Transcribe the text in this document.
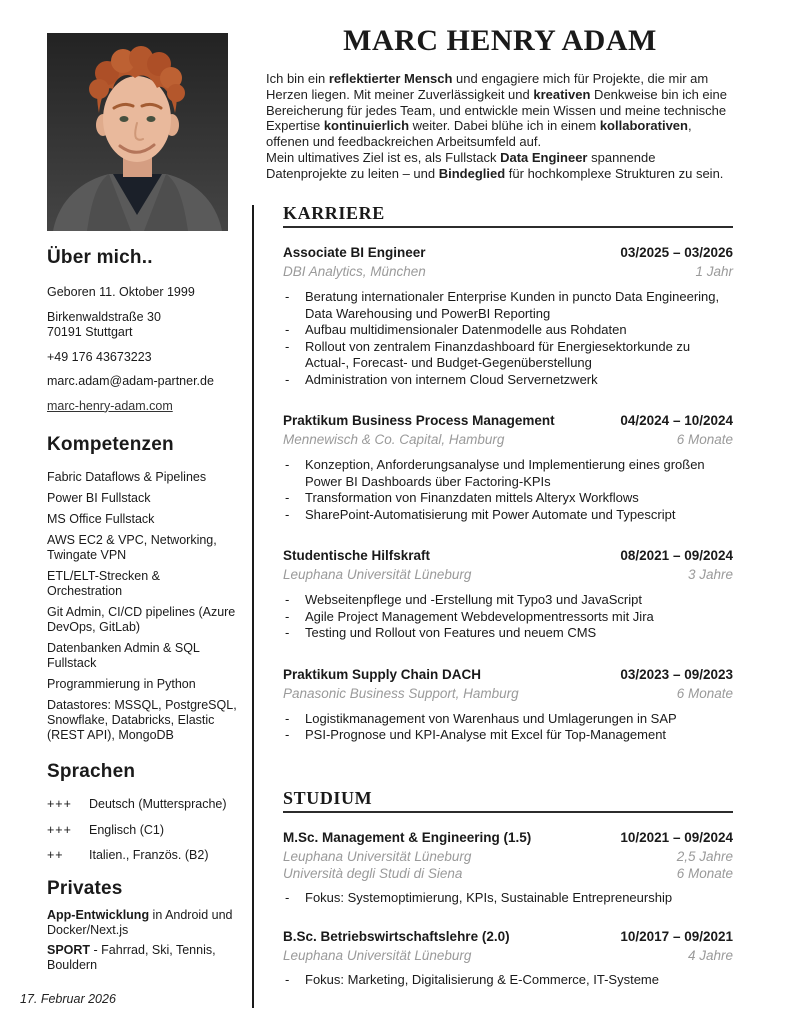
Über mich..
Geboren 11. Oktober 1999
Birkenwaldstraße 30
70191 Stuttgart
+49 176 43673223
marc.adam@adam-partner.de
marc-henry-adam.com
Kompetenzen
Fabric Dataflows & Pipelines
Power BI Fullstack
MS Office Fullstack
AWS EC2 & VPC, Networking, Twingate VPN
ETL/ELT-Strecken & Orchestration
Git Admin, CI/CD pipelines (Azure DevOps, GitLab)
Datenbanken Admin & SQL Fullstack
Programmierung in Python
Datastores: MSSQL, PostgreSQL, Snowflake, Databricks, Elastic (REST API), MongoDB
Sprachen
+++	Deutsch (Muttersprache)
+++	Englisch (C1)
++	Italien., Französ. (B2)
Privates
App-Entwicklung in Android und Docker/Next.js
SPORT - Fahrrad, Ski, Tennis, Bouldern
17. Februar 2026
MARC HENRY ADAM

Ich bin ein reflektierter Mensch und engagiere mich für Projekte, die mir am Herzen liegen. Mit meiner Zuverlässigkeit und kreativen Denkweise bin ich eine Bereicherung für jedes Team, und entwickle mein Wissen und meine technische Expertise kontinuierlich weiter. Dabei blühe ich in einem kollaborativen, offenen und feedbackreichen Arbeitsumfeld auf.
Mein ultimatives Ziel ist es, als Fullstack Data Engineer spannende Datenprojekte zu leiten – und Bindeglied für hochkomplexe Strukturen zu sein.

KARRIERE
Associate BI Engineer	03/2025 – 03/2026
DBI Analytics, München	1 Jahr
-	Beratung internationaler Enterprise Kunden in puncto Data Engineering, Data Warehousing und PowerBI Reporting
-	Aufbau multidimensionaler Datenmodelle aus Rohdaten
-	Rollout von zentralem Finanzdashboard für Energiesektorkunde zu Actual-, Forecast- und Budget-Gegenüberstellung
-	Administration von internem Cloud Servernetzwerk
Praktikum Business Process Management	04/2024 – 10/2024
Mennewisch & Co. Capital, Hamburg	6 Monate
-	Konzeption, Anforderungsanalyse und Implementierung eines großen Power BI Dashboards über Factoring-KPIs
-	Transformation von Finanzdaten mittels Alteryx Workflows
-	SharePoint-Automatisierung mit Power Automate und Typescript
Studentische Hilfskraft	08/2021 – 09/2024
Leuphana Universität Lüneburg	3 Jahre
-	Webseitenpflege und -Erstellung mit Typo3 und JavaScript
-	Agile Project Management Webdevelopmentressorts mit Jira
-	Testing und Rollout von Features und neuem CMS
Praktikum Supply Chain DACH	03/2023 – 09/2023
Panasonic Business Support, Hamburg	6 Monate
-	Logistikmanagement von Warenhaus und Umlagerungen in SAP
-	PSI-Prognose und KPI-Analyse mit Excel für Top-Management
STUDIUM
M.Sc. Management & Engineering (1.5)	10/2021 – 09/2024
Leuphana Universität Lüneburg	2,5 Jahre
Università degli Studi di Siena	6 Monate
-	Fokus: Systemoptimierung, KPIs, Sustainable Entrepreneurship
B.Sc. Betriebswirtschaftslehre (2.0)	10/2017 – 09/2021
Leuphana Universität Lüneburg	4 Jahre
-	Fokus: Marketing, Digitalisierung & E-Commerce, IT-Systeme
